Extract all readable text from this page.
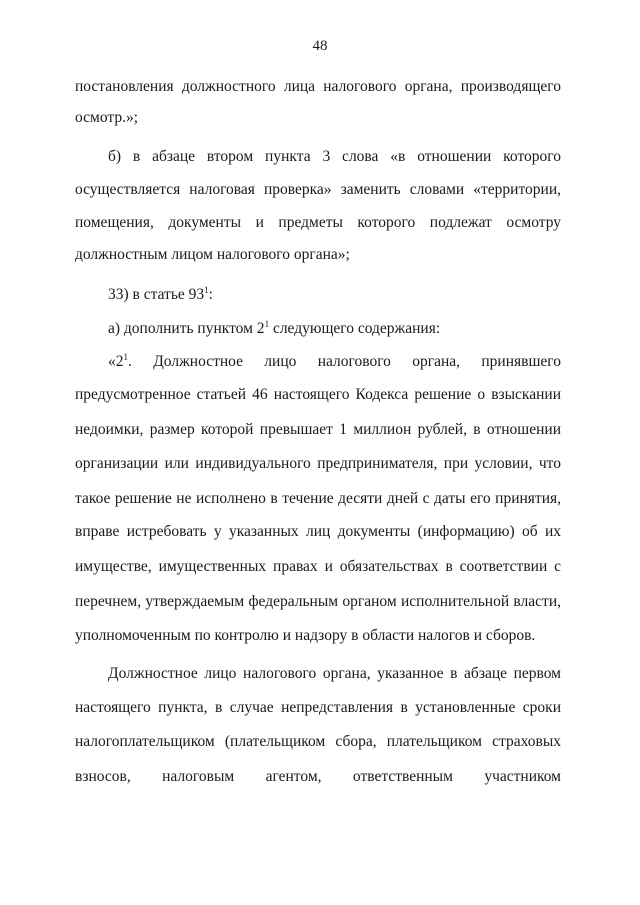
48
постановления должностного лица налогового органа, производящего
осмотр.»;
б) в абзаце втором пункта 3 слова «в отношении которого
осуществляется налоговая проверка» заменить словами «территории,
помещения, документы и предметы которого подлежат осмотру
должностным лицом налогового органа»;
33) в статье $93^1$:
а) дополнить пунктом $2^1$ следующего содержания:
«$2^1$. Должностное лицо налогового органа, принявшего
предусмотренное статьей 46 настоящего Кодекса решение о взыскании
недоимки, размер которой превышает 1 миллион рублей, в отношении
организации или индивидуального предпринимателя, при условии, что
такое решение не исполнено в течение десяти дней с даты его принятия,
вправе истребовать у указанных лиц документы (информацию) об их
имуществе, имущественных правах и обязательствах в соответствии с
перечнем, утверждаемым федеральным органом исполнительной власти,
уполномоченным по контролю и надзору в области налогов и сборов.
Должностное лицо налогового органа, указанное в абзаце первом
настоящего пункта, в случае непредставления в установленные сроки
налогоплательщиком (плательщиком сбора, плательщиком страховых
взносов, налоговым агентом, ответственным участником
